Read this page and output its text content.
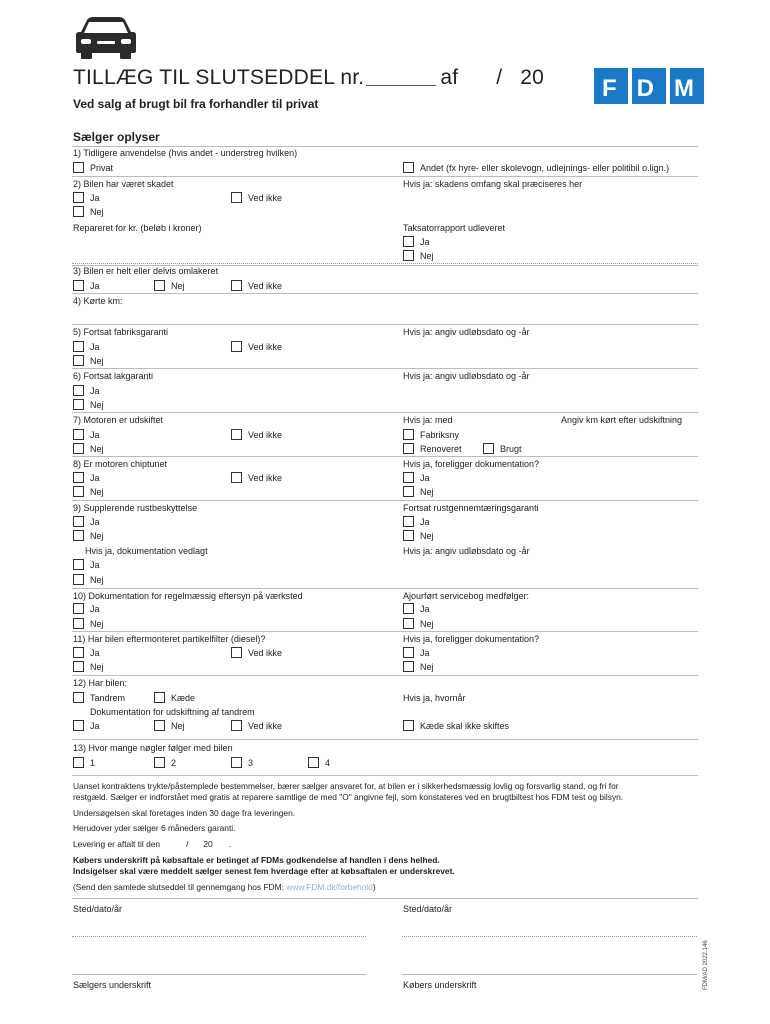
TILLÆG TIL SLUTSEDDEL nr.	af / 20
Ved salg af brugt bil fra forhandler til privat
FDM
Sælger oplyser
1) Tidligere anvendelse (hvis andet - understreg hvilken)
Privat	Andet (fx hyre- eller skolevogn, udlejnings- eller politibil o.lign.)
2) Bilen har været skadet	Hvis ja: skadens omfang skal præciseres her
Ja	Ved ikke
Nej
Repareret for kr. (beløb i kroner)	Taksatorrapport udleveret
Ja
Nej
3) Bilen er helt eller delvis omlakeret
Ja	Nej	Ved ikke
4) Kørte km:
5) Fortsat fabriksgaranti	Hvis ja: angiv udløbsdato og -år
Ja	Ved ikke
Nej
6) Fortsat lakgaranti	Hvis ja: angiv udløbsdato og -år
Ja
Nej
7) Motoren er udskiftet	Hvis ja: med	Angiv km kørt efter udskiftning
Ja	Ved ikke	Fabriksny
Nej	Renoveret	Brugt
8) Er motoren chiptunet	Hvis ja, foreligger dokumentation?
Ja	Ved ikke	Ja
Nej	Nej
9) Supplerende rustbeskyttelse	Fortsat rustgennemtæringsgaranti
Ja	Ja
Nej	Nej
Hvis ja, dokumentation vedlagt	Hvis ja: angiv udløbsdato og -år
Ja
Nej
10) Dokumentation for regelmæssig eftersyn på værksted	Ajourført servicebog medfølger:
Ja	Ja
Nej	Nej
11) Har bilen eftermonteret partikelfilter (diesel)?	Hvis ja, foreligger dokumentation?
Ja	Ved ikke	Ja
Nej	Nej
12) Har bilen:
Tandrem	Kæde	Hvis ja, hvornår
Dokumentation for udskiftning af tandrem
Ja	Nej	Ved ikke	Kæde skal ikke skiftes
13) Hvor mange nøgler følger med bilen
1	2	3	4
Uanset kontraktens trykte/påstemplede bestemmelser, bærer sælger ansvaret for, at bilen er i sikkerhedsmæssig lovlig og forsvarlig stand, og fri for
restgæld. Sælger er indforstået med gratis at reparere samtlige de med "O" angivne fejl, som konstateres ved en brugtbiltest hos FDM test og bilsyn.
Undersøgelsen skal foretages inden 30 dage fra leveringen.
Herudover yder sælger 6 måneders garanti.
Levering er aftalt til den	/ 20 .
Købers underskrift på købsaftale er betinget af FDMs godkendelse af handlen i dens helhed.
Indsigelser skal være meddelt sælger senest fem hverdage efter at købsaftalen er underskrevet.
(Send den samlede slutseddel til gennemgang hos FDM: www.FDM.dk/forbehold)
Sted/dato/år	Sted/dato/år
Sælgers underskrift	Købers underskrift	FDM/AD 2022.146
